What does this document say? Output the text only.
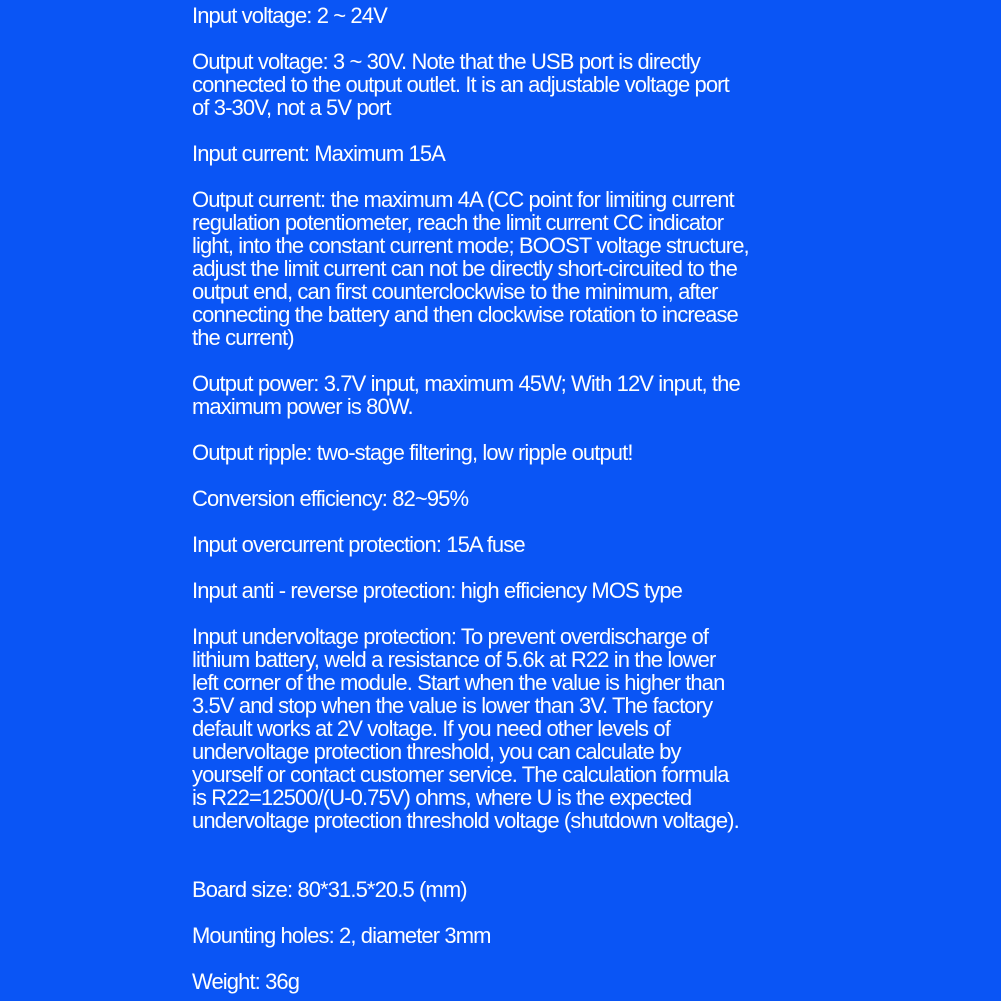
Input voltage: 2 ~ 24V
Output voltage: 3 ~ 30V. Note that the USB port is directly
connected to the output outlet. It is an adjustable voltage port
of 3-30V, not a 5V port
Input current: Maximum 15A
Output current: the maximum 4A (CC point for limiting current
regulation potentiometer, reach the limit current CC indicator
light, into the constant current mode; BOOST voltage structure,
adjust the limit current can not be directly short-circuited to the
output end, can first counterclockwise to the minimum, after
connecting the battery and then clockwise rotation to increase
the current)
Output power: 3.7V input, maximum 45W; With 12V input, the
maximum power is 80W.
Output ripple: two-stage filtering, low ripple output!
Conversion efficiency: 82~95%
Input overcurrent protection: 15A fuse
Input anti - reverse protection: high efficiency MOS type
Input undervoltage protection: To prevent overdischarge of
lithium battery, weld a resistance of 5.6k at R22 in the lower
left corner of the module. Start when the value is higher than
3.5V and stop when the value is lower than 3V. The factory
default works at 2V voltage. If you need other levels of
undervoltage protection threshold, you can calculate by
yourself or contact customer service. The calculation formula
is R22=12500/(U-0.75V) ohms, where U is the expected
undervoltage protection threshold voltage (shutdown voltage).
Board size: 80*31.5*20.5 (mm)
Mounting holes: 2, diameter 3mm
Weight: 36g
